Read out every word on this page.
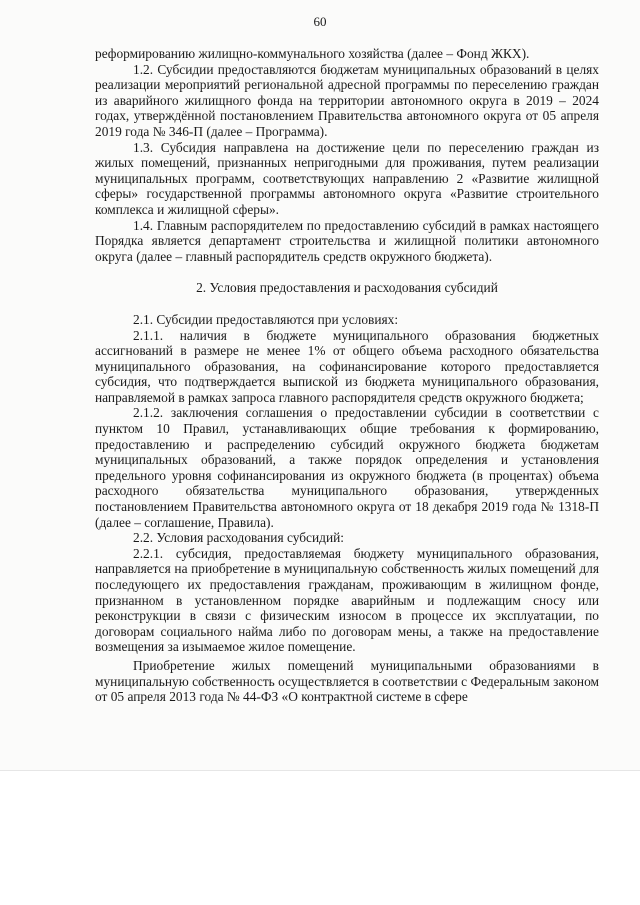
60

реформированию жилищно-коммунального хозяйства (далее – Фонд ЖКХ).

1.2. Субсидии предоставляются бюджетам муниципальных образований в целях реализации мероприятий региональной адресной программы по переселению граждан из аварийного жилищного фонда на территории автономного округа в 2019 – 2024 годах, утверждённой постановлением Правительства автономного округа от 05 апреля 2019 года № 346-П (далее – Программа).

1.3. Субсидия направлена на достижение цели по переселению граждан из жилых помещений, признанных непригодными для проживания, путем реализации муниципальных программ, соответствующих направлению 2 «Развитие жилищной сферы» государственной программы автономного округа «Развитие строительного комплекса и жилищной сферы».

1.4. Главным распорядителем по предоставлению субсидий в рамках настоящего Порядка является департамент строительства и жилищной политики автономного округа (далее – главный распорядитель средств окружного бюджета).

2. Условия предоставления и расходования субсидий

2.1. Субсидии предоставляются при условиях:

2.1.1. наличия в бюджете муниципального образования бюджетных ассигнований в размере не менее 1% от общего объема расходного обязательства муниципального образования, на софинансирование которого предоставляется субсидия, что подтверждается выпиской из бюджета муниципального образования, направляемой в рамках запроса главного распорядителя средств окружного бюджета;

2.1.2. заключения соглашения о предоставлении субсидии в соответствии с пунктом 10 Правил, устанавливающих общие требования к формированию, предоставлению и распределению субсидий окружного бюджета бюджетам муниципальных образований, а также порядок определения и установления предельного уровня софинансирования из окружного бюджета (в процентах) объема расходного обязательства муниципального образования, утвержденных постановлением Правительства автономного округа от 18 декабря 2019 года № 1318-П (далее – соглашение, Правила).

2.2. Условия расходования субсидий:

2.2.1. субсидия, предоставляемая бюджету муниципального образования, направляется на приобретение в муниципальную собственность жилых помещений для последующего их предоставления гражданам, проживающим в жилищном фонде, признанном в установленном порядке аварийным и подлежащим сносу или реконструкции в связи с физическим износом в процессе их эксплуатации, по договорам социального найма либо по договорам мены, а также на предоставление возмещения за изымаемое жилое помещение.

Приобретение жилых помещений муниципальными образованиями в муниципальную собственность осуществляется в соответствии с Федеральным законом от 05 апреля 2013 года № 44-ФЗ «О контрактной системе в сфере
